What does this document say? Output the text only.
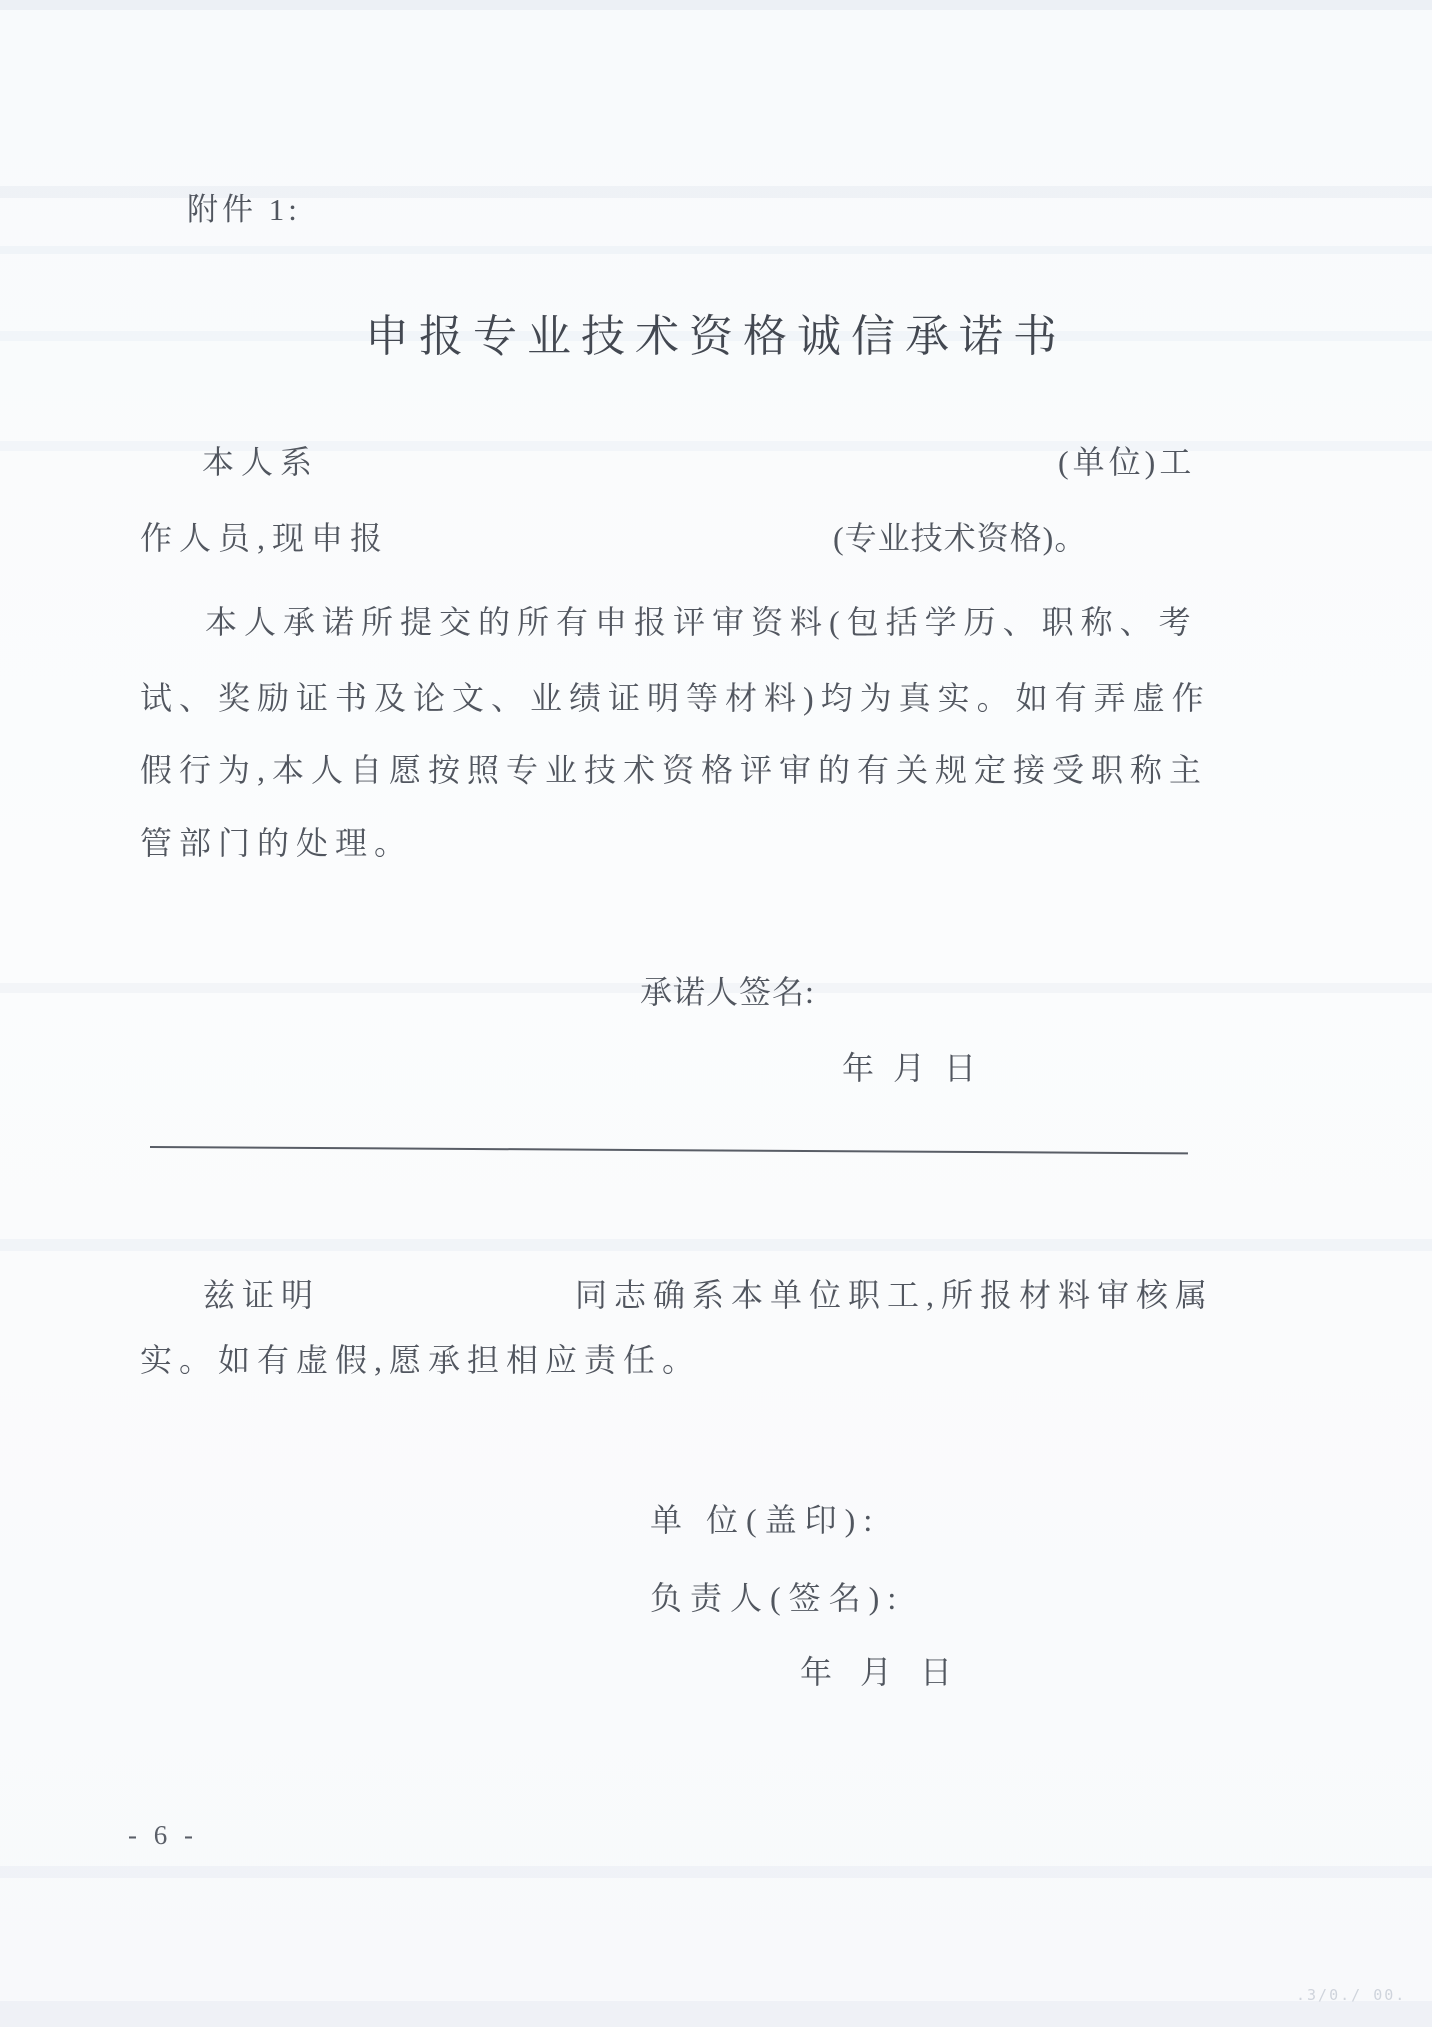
附件 1:
申报专业技术资格诚信承诺书
本人系	(单位)工
作人员,现申报	(专业技术资格)。
本人承诺所提交的所有申报评审资料(包括学历、职称、考
试、奖励证书及论文、业绩证明等材料)均为真实。如有弄虚作
假行为,本人自愿按照专业技术资格评审的有关规定接受职称主
管部门的处理。
承诺人签名:
年  月  日
兹证明	同志确系本单位职工,所报材料审核属
实。如有虚假,愿承担相应责任。
单 位(盖印):
负责人(签名):
年   月   日
- 6 -
.3/0./ 00.
